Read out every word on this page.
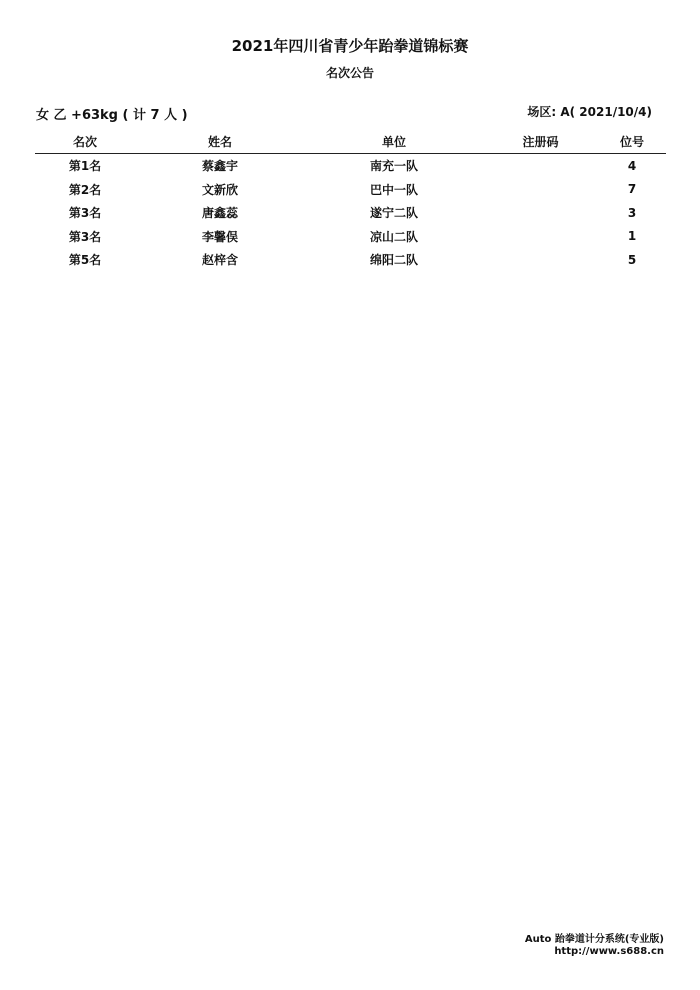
2021年四川省青少年跆拳道锦标赛
名次公告
女 乙 +63kg ( 计 7 人 )	场区: A( 2021/10/4)
名次	姓名	单位	注册码	位号
第1名	蔡鑫宇	南充一队		4
第2名	文新欣	巴中一队		7
第3名	唐鑫蕊	遂宁二队		3
第3名	李馨俣	凉山二队		1
第5名	赵梓含	绵阳二队		5
Auto 跆拳道计分系统(专业版)
http://www.s688.cn
